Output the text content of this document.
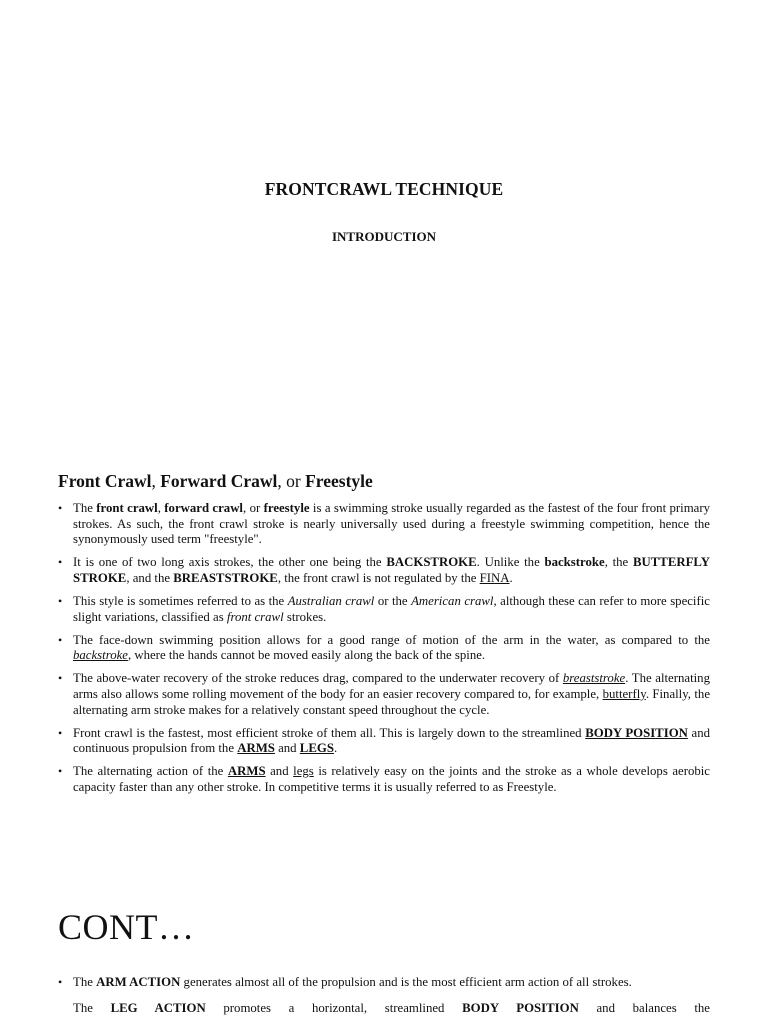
FRONTCRAWL TECHNIQUE
INTRODUCTION
Front Crawl, Forward Crawl, or Freestyle
• The front crawl, forward crawl, or freestyle is a swimming stroke usually regarded as the fastest of the four front primary strokes. As such, the front crawl stroke is nearly universally used during a freestyle swimming competition, hence the synonymously used term "freestyle".
• It is one of two long axis strokes, the other one being the BACKSTROKE. Unlike the backstroke, the BUTTERFLY STROKE, and the BREASTSTROKE, the front crawl is not regulated by the FINA.
• This style is sometimes referred to as the Australian crawl or the American crawl, although these can refer to more specific slight variations, classified as front crawl strokes.
• The face-down swimming position allows for a good range of motion of the arm in the water, as compared to the backstroke, where the hands cannot be moved easily along the back of the spine.
• The above-water recovery of the stroke reduces drag, compared to the underwater recovery of breaststroke. The alternating arms also allows some rolling movement of the body for an easier recovery compared to, for example, butterfly. Finally, the alternating arm stroke makes for a relatively constant speed throughout the cycle.
• Front crawl is the fastest, most efficient stroke of them all. This is largely down to the streamlined BODY POSITION and continuous propulsion from the ARMS and LEGS.
• The alternating action of the ARMS and legs is relatively easy on the joints and the stroke as a whole develops aerobic capacity faster than any other stroke. In competitive terms it is usually referred to as Freestyle.
CONT…
• The ARM ACTION generates almost all of the propulsion and is the most efficient arm action of all strokes.
The LEG ACTION promotes a horizontal, streamlined BODY POSITION and balances the
